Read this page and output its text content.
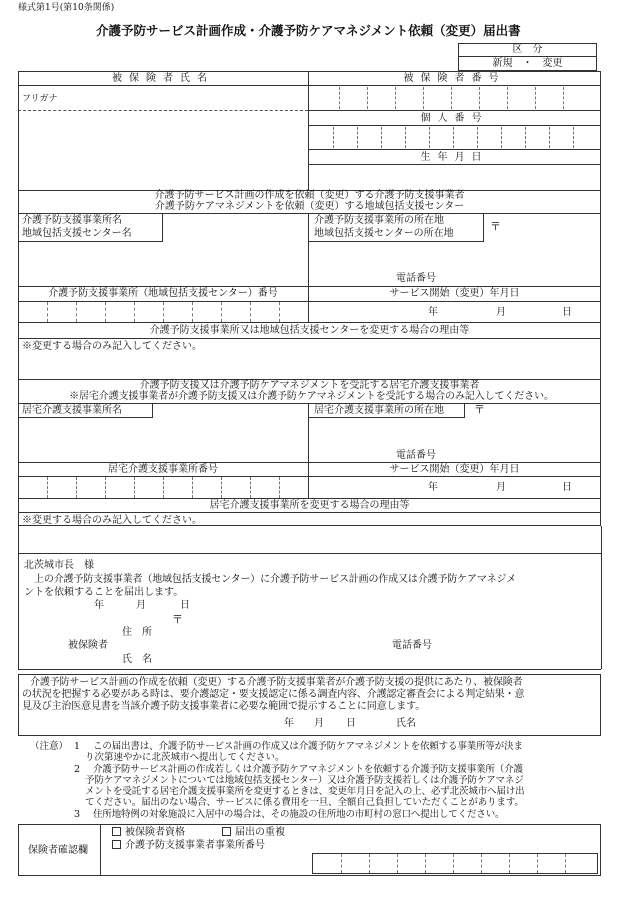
様式第1号(第10条関係)
介護予防サービス計画作成・介護予防ケアマネジメント依頼（変更）届出書
区　分
新規　・　変更
被保険者氏名	被保険者番号
フリガナ
個人番号
生年月日
介護予防サービス計画の作成を依頼（変更）する介護予防支援事業者
介護予防ケアマネジメントを依頼（変更）する地域包括支援センター
介護予防支援事業所名
地域包括支援センター名
介護予防支援事業所の所在地
地域包括支援センターの所在地
〒
電話番号
介護予防支援事業所（地域包括支援センター）番号	サービス開始（変更）年月日
年	月	日
介護予防支援事業所又は地域包括支援センターを変更する場合の理由等
※変更する場合のみ記入してください。
介護予防支援又は介護予防ケアマネジメントを受託する居宅介護支援事業者
※居宅介護支援事業者が介護予防支援又は介護予防ケアマネジメントを受託する場合のみ記入してください。
居宅介護支援事業所名	居宅介護支援事業所の所在地	〒
電話番号
居宅介護支援事業所番号	サービス開始（変更）年月日
年	月	日
居宅介護支援事業所を変更する場合の理由等
※変更する場合のみ記入してください。
北茨城市長　様
上の介護予防支援事業者（地域包括支援センター）に介護予防サービス計画の作成又は介護予防ケアマネジメ
ントを依頼することを届出します。
年	月	日
〒
住　所
被保険者
氏　名
電話番号
介護予防サービス計画の作成を依頼（変更）する介護予防支援事業者が介護予防支援の提供にあたり、被保険者
の状況を把握する必要がある時は、要介護認定・要支援認定に係る調査内容、介護認定審査会による判定結果・意
見及び主治医意見書を当該介護予防支援事業者に必要な範囲で提示することに同意します。
年 月 日	氏名
（注意） 1 この届出書は、介護予防サービス計画の作成又は介護予防ケアマネジメントを依頼する事業所等が決ま
り次第速やかに北茨城市へ提出してください。
2 介護予防サービス計画の作成若しくは介護予防ケアマネジメントを依頼する介護予防支援事業所（介護
予防ケアマネジメントについては地域包括支援センター）又は介護予防支援若しくは介護予防ケアマネジ
メントを受託する居宅介護支援事業所を変更するときは、変更年月日を記入の上、必ず北茨城市へ届け出
てください。届出のない場合、サービスに係る費用を一旦、全額自己負担していただくことがあります。
3 住所地特例の対象施設に入居中の場合は、その施設の住所地の市町村の窓口へ提出してください。
保険者確認欄
被保険者資格	届出の重複
介護予防支援事業者事業所番号
